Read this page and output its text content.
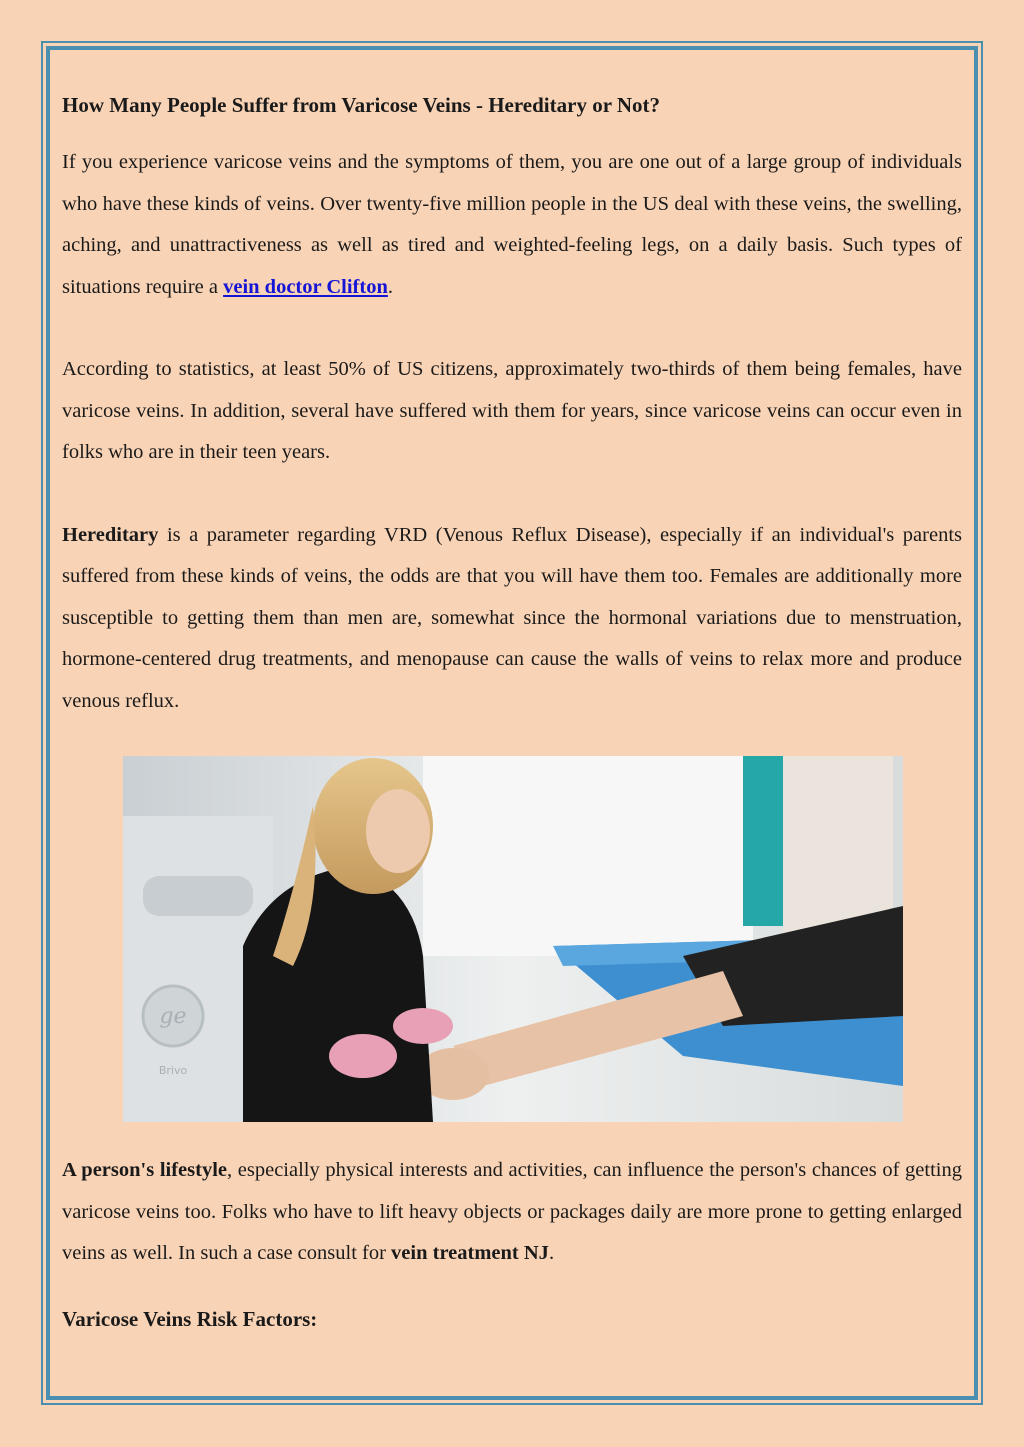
How Many People Suffer from Varicose Veins - Hereditary or Not?

If you experience varicose veins and the symptoms of them, you are one out of a large group of individuals who have these kinds of veins. Over twenty-five million people in the US deal with these veins, the swelling, aching, and unattractiveness as well as tired and weighted-feeling legs, on a daily basis. Such types of situations require a vein doctor Clifton.

According to statistics, at least 50% of US citizens, approximately two-thirds of them being females, have varicose veins. In addition, several have suffered with them for years, since varicose veins can occur even in folks who are in their teen years.

Hereditary is a parameter regarding VRD (Venous Reflux Disease), especially if an individual's parents suffered from these kinds of veins, the odds are that you will have them too. Females are additionally more susceptible to getting them than men are, somewhat since the hormonal variations due to menstruation, hormone-centered drug treatments, and menopause can cause the walls of veins to relax more and produce venous reflux.

ge
Brivo

A person's lifestyle, especially physical interests and activities, can influence the person's chances of getting varicose veins too. Folks who have to lift heavy objects or packages daily are more prone to getting enlarged veins as well. In such a case consult for vein treatment NJ.

Varicose Veins Risk Factors:
